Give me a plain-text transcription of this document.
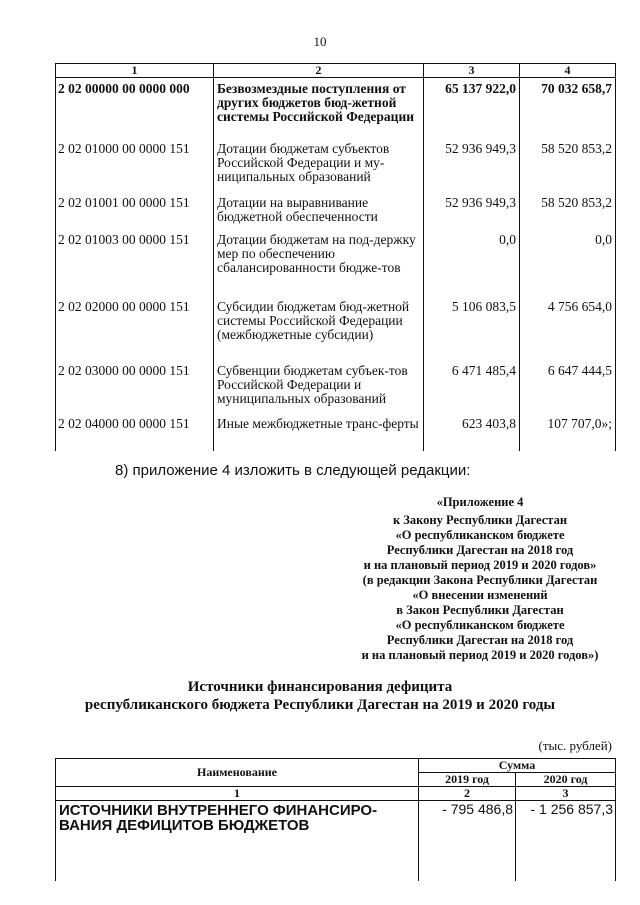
10
1	2	3	4
2 02 00000 00 0000 000	Безвозмездные поступления от других бюджетов бюд-жетной системы Российской Федерации	65 137 922,0	70 032 658,7
2 02 01000 00 0000 151	Дотации бюджетам субъектов Российской Федерации и му-ниципальных образований	52 936 949,3	58 520 853,2
2 02 01001 00 0000 151	Дотации на выравнивание бюджетной обеспеченности	52 936 949,3	58 520 853,2
2 02 01003 00 0000 151	Дотации бюджетам на под-держку мер по обеспечению сбалансированности бюдже-тов	0,0	0,0
2 02 02000 00 0000 151	Субсидии бюджетам бюд-жетной системы Российской Федерации (межбюджетные субсидии)	5 106 083,5	4 756 654,0
2 02 03000 00 0000 151	Субвенции бюджетам субъек-тов Российской Федерации и муниципальных образований	6 471 485,4	6 647 444,5
2 02 04000 00 0000 151	Иные межбюджетные транс-ферты	623 403,8	107 707,0»;
8) приложение 4 изложить в следующей редакции:
«Приложение 4
к Закону Республики Дагестан
«О республиканском бюджете
Республики Дагестан на 2018 год
и на плановый период 2019 и 2020 годов»
(в редакции Закона Республики Дагестан
«О внесении изменений
в Закон Республики Дагестан
«О республиканском бюджете
Республики Дагестан на 2018 год
и на плановый период 2019 и 2020 годов»)
Источники финансирования дефицита
республиканского бюджета Республики Дагестан на 2019 и 2020 годы
(тыс. рублей)
Наименование	Сумма	
	2019 год	2020 год
1	2	3
ИСТОЧНИКИ ВНУТРЕННЕГО ФИНАНСИРО-ВАНИЯ ДЕФИЦИТОВ БЮДЖЕТОВ	- 795 486,8	- 1 256 857,3
